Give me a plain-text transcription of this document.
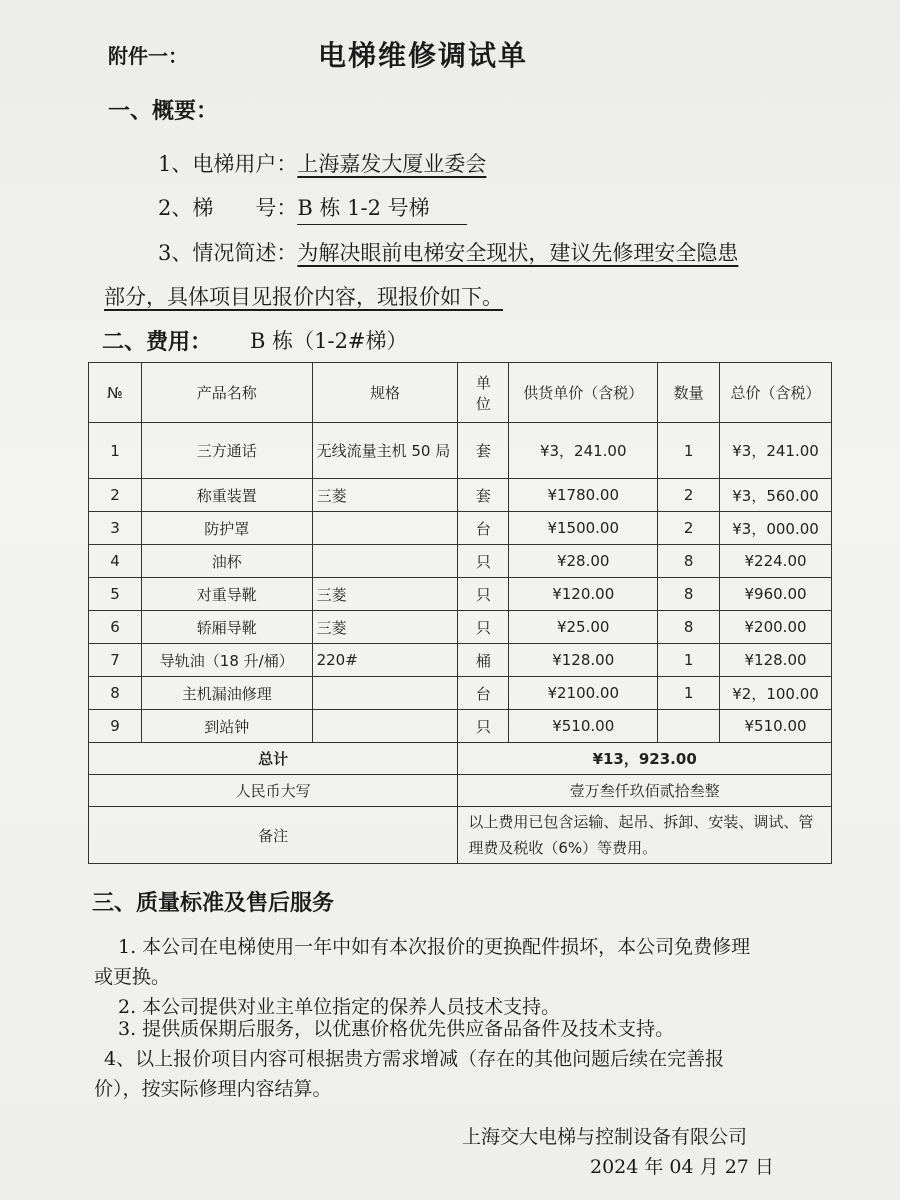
附件一：	电梯维修调试单
一、概要：
1、电梯用户：上海嘉发大厦业委会
2、梯　　号：B 栋 1-2 号梯
3、情况简述：为解决眼前电梯安全现状，建议先修理安全隐患
部分，具体项目见报价内容，现报价如下。
二、费用： B 栋（1-2#梯）
№	产品名称	规格	单位	供货单价（含税）	数量	总价（含税）
1	三方通话	无线流量主机 50 局	套	¥3，241.00	1	¥3，241.00
2	称重装置	三菱	套	¥1780.00	2	¥3，560.00
3	防护罩		台	¥1500.00	2	¥3，000.00
4	油杯		只	¥28.00	8	¥224.00
5	对重导靴	三菱	只	¥120.00	8	¥960.00
6	轿厢导靴	三菱	只	¥25.00	8	¥200.00
7	导轨油（18 升/桶）	220#	桶	¥128.00	1	¥128.00
8	主机漏油修理		台	¥2100.00	1	¥2，100.00
9	到站钟		只	¥510.00		¥510.00
总计			¥13，923.00			
人民币大写			壹万叁仟玖佰贰拾叁整			
备注			以上费用已包含运输、起吊、拆卸、安装、调试、管理费及税收（6%）等费用。			
三、质量标准及售后服务
1. 本公司在电梯使用一年中如有本次报价的更换配件损坏，本公司免费修理
或更换。
2. 本公司提供对业主单位指定的保养人员技术支持。
3. 提供质保期后服务，以优惠价格优先供应备品备件及技术支持。
4、以上报价项目内容可根据贵方需求增减（存在的其他问题后续在完善报
价），按实际修理内容结算。
上海交大电梯与控制设备有限公司
2024 年 04 月 27 日
